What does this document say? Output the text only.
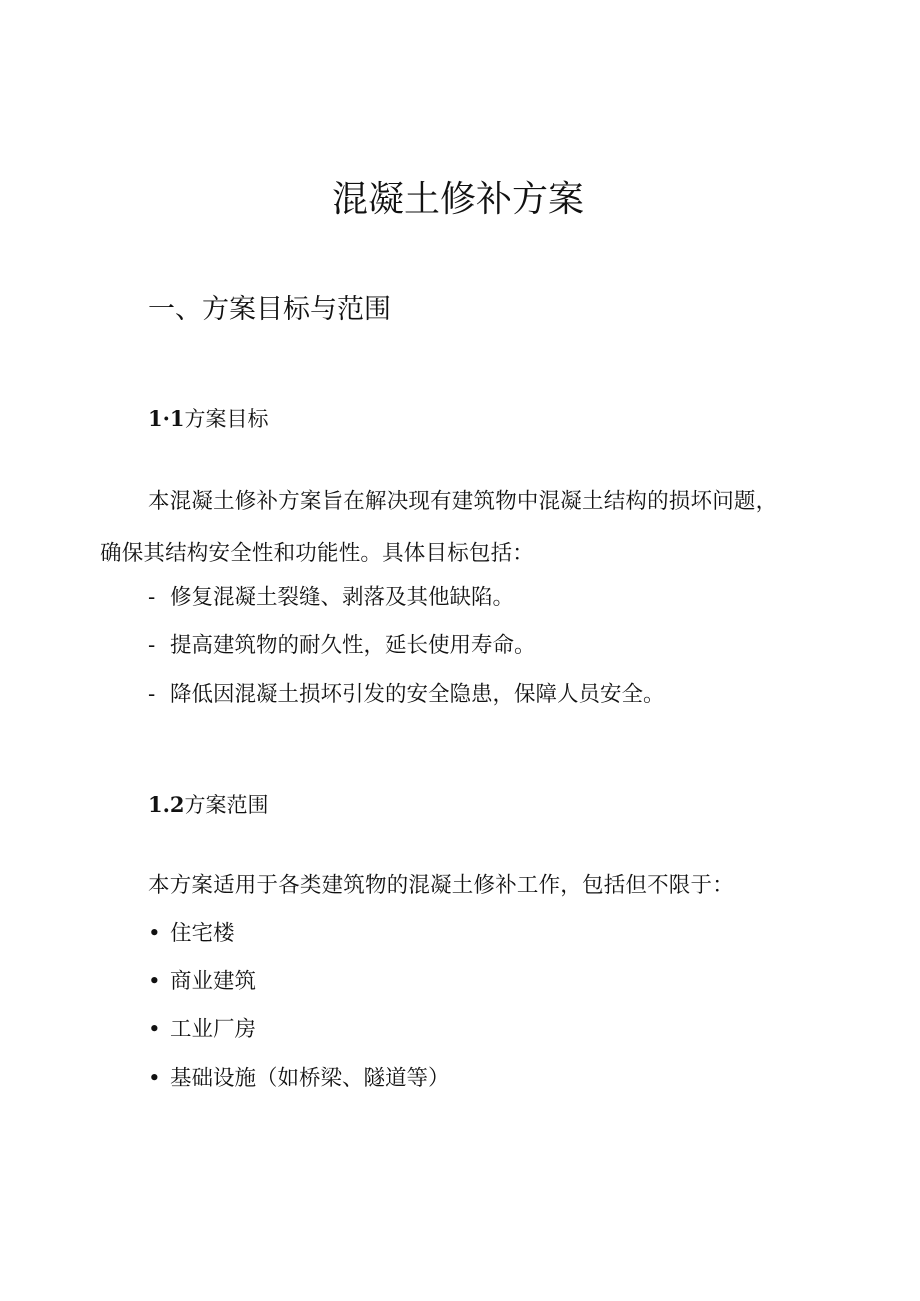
混凝土修补方案
一、方案目标与范围
1·1方案目标

本混凝土修补方案旨在解决现有建筑物中混凝土结构的损坏问题，确保其结构安全性和功能性。具体目标包括：

- 修复混凝土裂缝、剥落及其他缺陷。
- 提高建筑物的耐久性，延长使用寿命。
- 降低因混凝土损坏引发的安全隐患，保障人员安全。
1.2方案范围

本方案适用于各类建筑物的混凝土修补工作，包括但不限于：

• 住宅楼
• 商业建筑
• 工业厂房
• 基础设施（如桥梁、隧道等）
